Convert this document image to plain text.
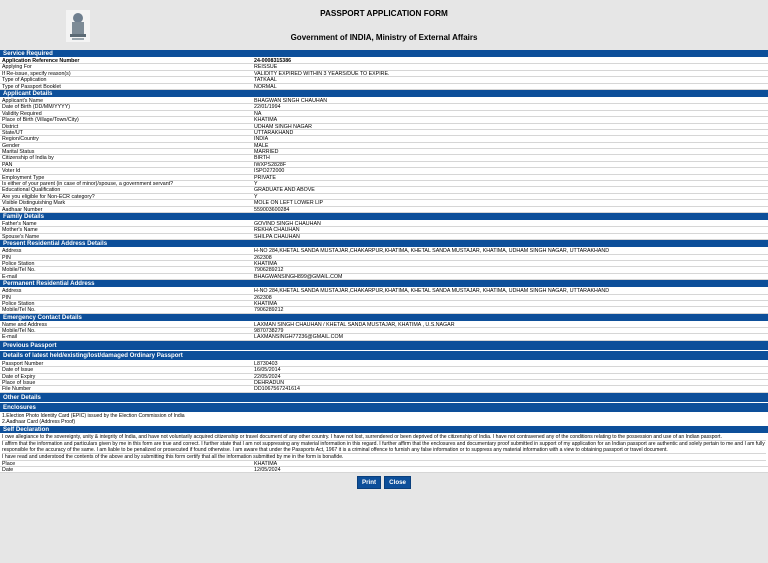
PASSPORT APPLICATION FORM
Government of INDIA, Ministry of External Affairs
Service Required
Application Reference Number	24-0008315386
Applying For	REISSUE
If Re-issue, specify reason(s)	VALIDITY EXPIRED WITHIN 3 YEARS/DUE TO EXPIRE.
Type of Application	TATKAAL
Type of Passport Booklet	NORMAL
Applicant Details
Applicant's Name	BHAGWAN SINGH CHAUHAN
Date of Birth (DD/MM/YYYY)	22/01/1994
Validity Required	NA
Place of Birth (Village/Town/City)	KHATIMA
District	UDHAM SINGH NAGAR
State/UT	UTTARAKHAND
Region/Country	INDIA
Gender	MALE
Marital Status	MARRIED
Citizenship of India by	BIRTH
PAN	IWXPS2828F
Voter Id	ISPO272000
Employment Type	PRIVATE
Is either of your parent (in case of minor)/spouse, a government servant?	Y
Educational Qualification	GRADUATE AND ABOVE
Are you eligible for Non-ECR category?	Y
Visible Distinguishing Mark	MOLE ON LEFT LOWER LIP
Aadhaar Number	559003600284
Family Details
Father's Name	GOVIND SINGH CHAUHAN
Mother's Name	REKHA CHAUHAN
Spouse's Name	SHILPA CHAUHAN
Present Residential Address Details
Address	H-NO 284,KHETAL SANDA MUSTAJAR,CHAKARPUR,KHATIMA, KHETAL SANDA MUSTAJAR, KHATIMA, UDHAM SINGH NAGAR, UTTARAKHAND
PIN	262308
Police Station	KHATIMA
Mobile/Tel No.	7906289212
E-mail	BHAGWANSINGH899@GMAIL.COM
Permanent Residential Address
Address	H-NO 284,KHETAL SANDA MUSTAJAR,CHAKARPUR,KHATIMA, KHETAL SANDA MUSTAJAR, KHATIMA, UDHAM SINGH NAGAR, UTTARAKHAND
PIN	262308
Police Station	KHATIMA
Mobile/Tel No.	7906289212
Emergency Contact Details
Name and Address	LAXMAN SINGH CHAUHAN / KHETAL SANDA MUSTAJAR, KHATIMA , U.S.NAGAR
Mobile/Tel No.	9870738279
E-mail	LAXMANSINGH77236@GMAIL.COM
Previous Passport
Details of latest held/existing/lost/damaged Ordinary Passport
Passport Number	L8730403
Date of Issue	16/05/2014
Date of Expiry	22/05/2024
Place of Issue	DEHRADUN
File Number	DD1067567241614
Other Details
Enclosures
1.Election Photo Identity Card (EPIC) issued by the Election Commission of India
2.Aadhaar Card (Address Proof)
Self Declaration

I owe allegiance to the sovereignty, unity & integrity of India, and have not voluntarily acquired citizenship or travel document of any other country. I have not lost, surrendered or been deprived of the citizenship of India. I have not contravened any of the conditions relating to the possession and use of an Indian passport.

I affirm that the information and particulars given by me in this form are true and correct. I further state that I am not suppressing any material information in this regard. I further affirm that the enclosures and documentary proof submitted in support of my application for an Indian passport are authentic and solely pertain to me and I am fully responsible for the accuracy of the same. I am liable to be penalized or prosecuted if found otherwise. I am aware that under the Passports Act, 1967 it is a criminal offence to furnish any false information or to suppress any material information with a view to obtaining passport or travel document.

I have read and understood the contents of the above and by submitting this form certify that all the information submitted by me in the form is bonafide.

Place	KHATIMA
Date	12/05/2024
Print	Close
